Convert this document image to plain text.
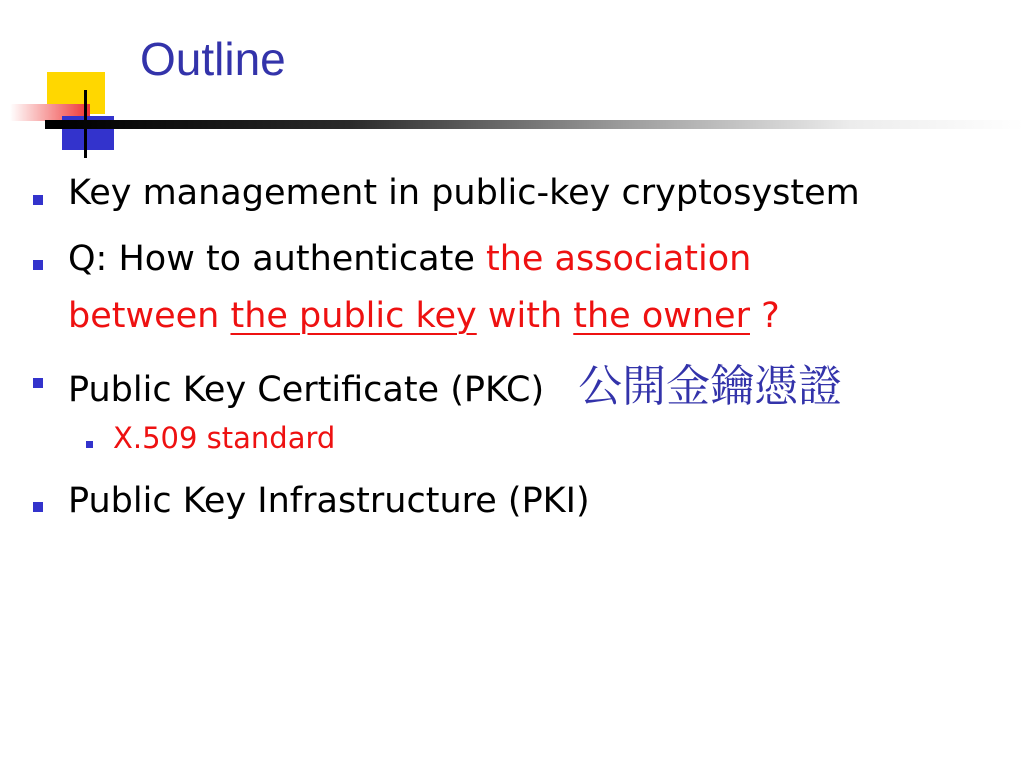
Outline
Key management in public-key cryptosystem
Q: How to authenticate the association
between the public key with the owner ?
Public Key Certificate (PKC) 公開金鑰憑證
X.509 standard
Public Key Infrastructure (PKI)
